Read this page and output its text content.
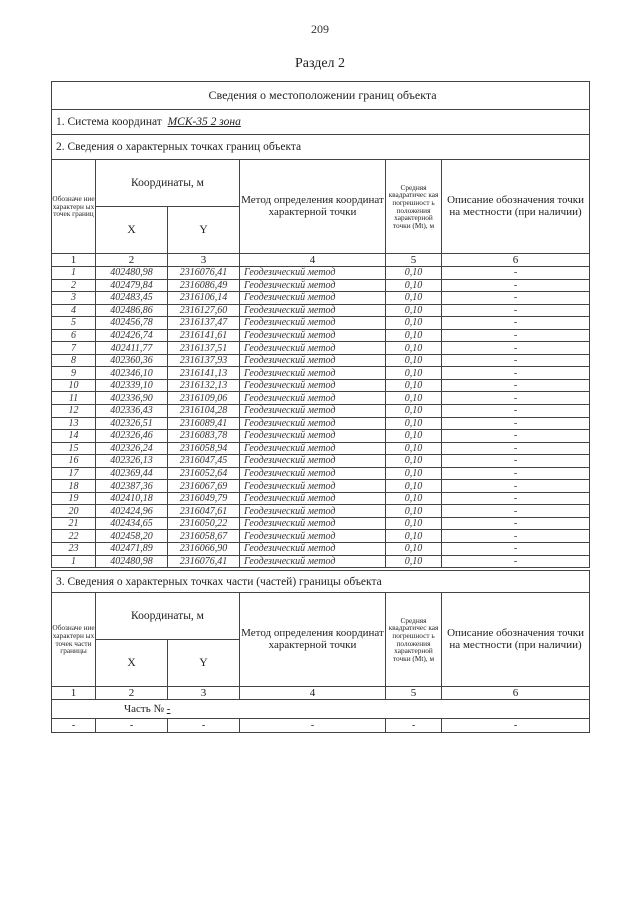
209
Раздел 2
Сведения о местоположении границ объекта					
1. Система координат МСК-35 2 зона					
2. Сведения о характерных точках границ объекта					
Обозначе ние характерн ых точек границ	Координаты, м		Метод определения координат характерной точки	Средняя квадратичес кая погрешност ь положения характерной точки (Mt), м	Описание обозначения точки на местности (при наличии)
	X	Y			
1	2	3	4	5	6
1	402480,98	2316076,41	Геодезический метод	0,10	-
2	402479,84	2316086,49	Геодезический метод	0,10	-
3	402483,45	2316106,14	Геодезический метод	0,10	-
4	402486,86	2316127,60	Геодезический метод	0,10	-
5	402456,78	2316137,47	Геодезический метод	0,10	-
6	402426,74	2316141,61	Геодезический метод	0,10	-
7	402411,77	2316137,51	Геодезический метод	0,10	-
8	402360,36	2316137,93	Геодезический метод	0,10	-
9	402346,10	2316141,13	Геодезический метод	0,10	-
10	402339,10	2316132,13	Геодезический метод	0,10	-
11	402336,90	2316109,06	Геодезический метод	0,10	-
12	402336,43	2316104,28	Геодезический метод	0,10	-
13	402326,51	2316089,41	Геодезический метод	0,10	-
14	402326,46	2316083,78	Геодезический метод	0,10	-
15	402326,24	2316058,94	Геодезический метод	0,10	-
16	402326,13	2316047,45	Геодезический метод	0,10	-
17	402369,44	2316052,64	Геодезический метод	0,10	-
18	402387,36	2316067,69	Геодезический метод	0,10	-
19	402410,18	2316049,79	Геодезический метод	0,10	-
20	402424,96	2316047,61	Геодезический метод	0,10	-
21	402434,65	2316050,22	Геодезический метод	0,10	-
22	402458,20	2316058,67	Геодезический метод	0,10	-
23	402471,89	2316066,90	Геодезический метод	0,10	-
1	402480,98	2316076,41	Геодезический метод	0,10	-
3. Сведения о характерных точках части (частей) границы объекта					
Обозначе ние характерн ых точек части границы	Координаты, м		Метод определения координат характерной точки	Средняя квадратичес кая погрешност ь положения характерной точки (Mt), м	Описание обозначения точки на местности (при наличии)
	X	Y			
1	2	3	4	5	6
Часть № -					
-	-	-	-	-	-
